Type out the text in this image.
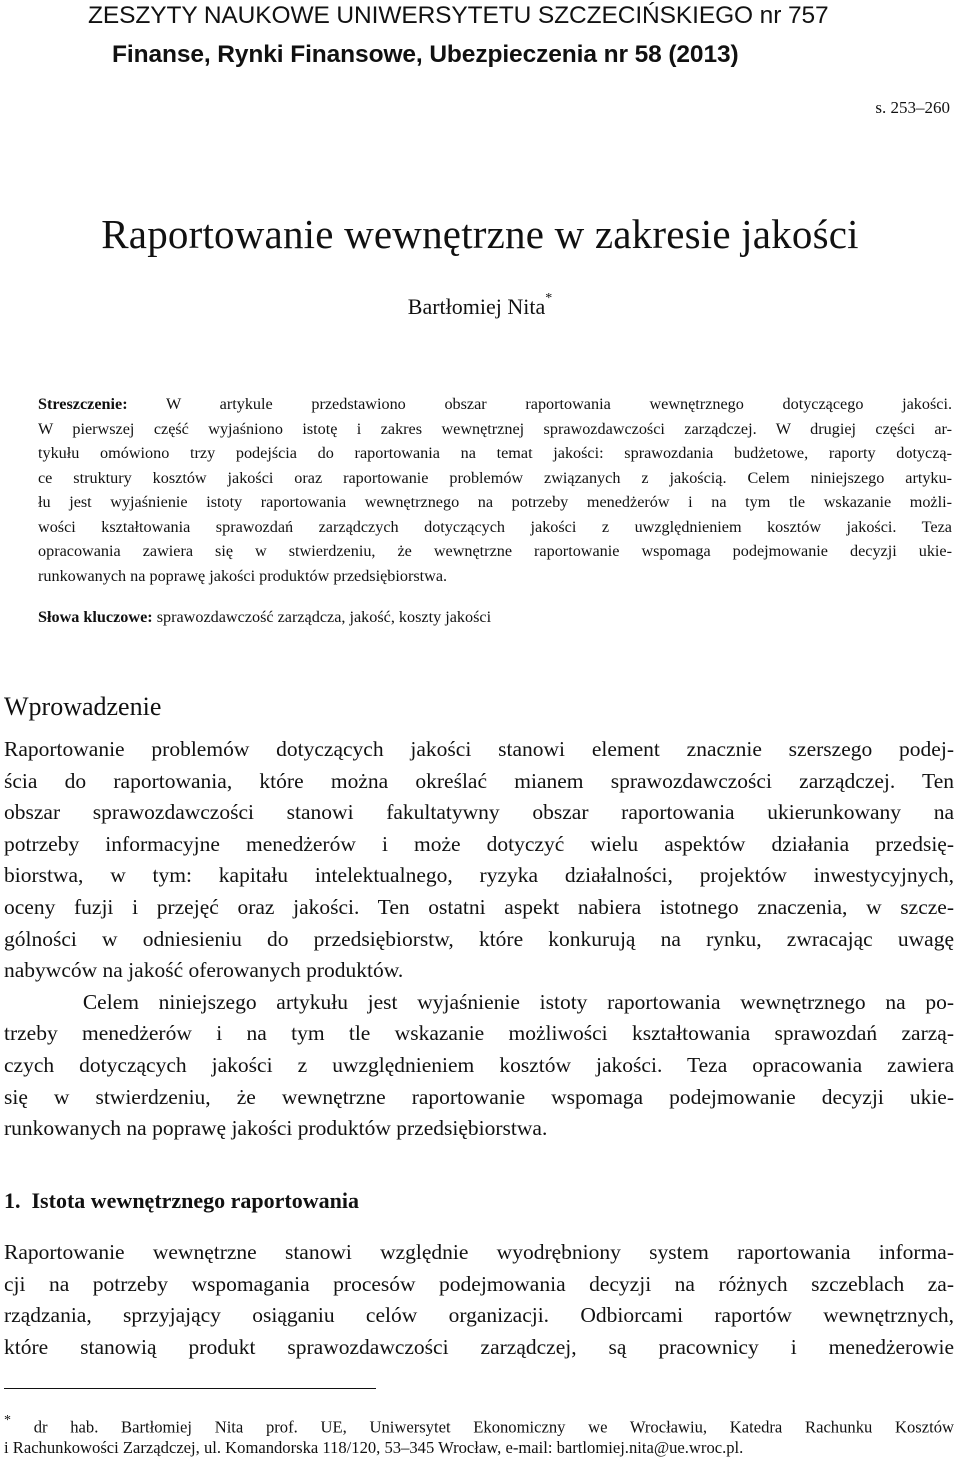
ZESZYTY NAUKOWE UNIWERSYTETU SZCZECIŃSKIEGO nr 757
Finanse, Rynki Finansowe, Ubezpieczenia nr 58 (2013)
s. 253–260
Raportowanie wewnętrzne w zakresie jakości
Bartłomiej Nita*
Streszczenie: W artykule przedstawiono obszar raportowania wewnętrznego dotyczącego jakości.
W pierwszej część wyjaśniono istotę i zakres wewnętrznej sprawozdawczości zarządczej. W drugiej części ar-
tykułu omówiono trzy podejścia do raportowania na temat jakości: sprawozdania budżetowe, raporty dotyczą-
ce struktury kosztów jakości oraz raportowanie problemów związanych z jakością. Celem niniejszego artyku-
łu jest wyjaśnienie istoty raportowania wewnętrznego na potrzeby menedżerów i na tym tle wskazanie możli-
wości kształtowania sprawozdań zarządczych dotyczących jakości z uwzględnieniem kosztów jakości. Teza
opracowania zawiera się w stwierdzeniu, że wewnętrzne raportowanie wspomaga podejmowanie decyzji ukie-
runkowanych na poprawę jakości produktów przedsiębiorstwa.
Słowa kluczowe: sprawozdawczość zarządcza, jakość, koszty jakości
Wprowadzenie
Raportowanie problemów dotyczących jakości stanowi element znacznie szerszego podej-
ścia do raportowania, które można określać mianem sprawozdawczości zarządczej. Ten
obszar sprawozdawczości stanowi fakultatywny obszar raportowania ukierunkowany na
potrzeby informacyjne menedżerów i może dotyczyć wielu aspektów działania przedsię-
biorstwa, w tym: kapitału intelektualnego, ryzyka działalności, projektów inwestycyjnych,
oceny fuzji i przejęć oraz jakości. Ten ostatni aspekt nabiera istotnego znaczenia, w szcze-
gólności w odniesieniu do przedsiębiorstw, które konkurują na rynku, zwracając uwagę
nabywców na jakość oferowanych produktów.
Celem niniejszego artykułu jest wyjaśnienie istoty raportowania wewnętrznego na po-
trzeby menedżerów i na tym tle wskazanie możliwości kształtowania sprawozdań zarzą-
czych dotyczących jakości z uwzględnieniem kosztów jakości. Teza opracowania zawiera
się w stwierdzeniu, że wewnętrzne raportowanie wspomaga podejmowanie decyzji ukie-
runkowanych na poprawę jakości produktów przedsiębiorstwa.
1.  Istota wewnętrznego raportowania
Raportowanie wewnętrzne stanowi względnie wyodrębniony system raportowania informa-
cji na potrzeby wspomagania procesów podejmowania decyzji na różnych szczeblach za-
rządzania, sprzyjający osiąganiu celów organizacji. Odbiorcami raportów wewnętrznych,
które stanowią produkt sprawozdawczości zarządczej, są pracownicy i menedżerowie
* dr hab. Bartłomiej Nita prof. UE, Uniwersytet Ekonomiczny we Wrocławiu, Katedra Rachunku Kosztów
i Rachunkowości Zarządczej, ul. Komandorska 118/120, 53–345 Wrocław, e-mail: bartlomiej.nita@ue.wroc.pl.
